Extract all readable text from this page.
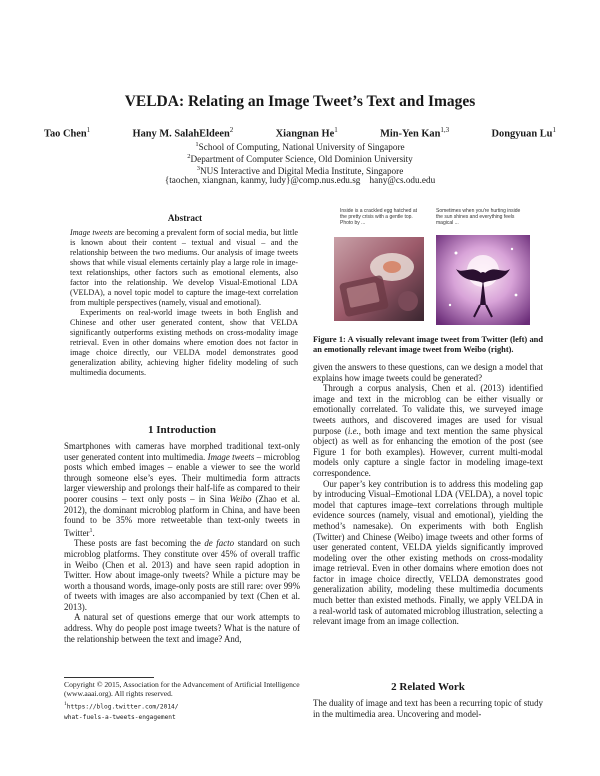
VELDA: Relating an Image Tweet’s Text and Images
Tao Chen$^1$	Hany M. SalahEldeen$^2$	Xiangnan He$^1$	Min-Yen Kan$^{1,3}$	Dongyuan Lu$^1$
$^1$School of Computing, National University of Singapore
$^2$Department of Computer Science, Old Dominion University
$^3$NUS Interactive and Digital Media Institute, Singapore
{taochen, xiangnan, kanmy, ludy}@comp.nus.edu.sg    hany@cs.odu.edu
Abstract

Image tweets are becoming a prevalent form of social media, but little is known about their content – textual and visual – and the relationship between the two mediums. Our analysis of image tweets shows that while visual elements certainly play a large role in image-text relationships, other factors such as emotional elements, also factor into the relationship. We develop Visual-Emotional LDA (VELDA), a novel topic model to capture the image-text correlation from multiple perspectives (namely, visual and emotional).

Experiments on real-world image tweets in both English and Chinese and other user generated content, show that VELDA significantly outperforms existing methods on cross-modality image retrieval. Even in other domains where emotion does not factor in image choice directly, our VELDA model demonstrates good generalization ability, achieving higher fidelity modeling of such multimedia documents.

1 Introduction

Smartphones with cameras have morphed traditional text-only user generated content into multimedia. Image tweets – microblog posts which embed images – enable a viewer to see the world through someone else’s eyes. Their multimedia form attracts larger viewership and prolongs their half-life as compared to their poorer cousins – text only posts – in Sina Weibo (Zhao et al. 2012), the dominant microblog platform in China, and have been found to be 35% more retweetable than text-only tweets in Twitter$^1$.

These posts are fast becoming the de facto standard on such microblog platforms. They constitute over 45% of overall traffic in Weibo (Chen et al. 2013) and have seen rapid adoption in Twitter. How about image-only tweets? While a picture may be worth a thousand words, image-only posts are still rare: over 99% of tweets with images are also accompanied by text (Chen et al. 2013).

A natural set of questions emerge that our work attempts to address. Why do people post image tweets? What is the nature of the relationship between the text and image? And,

Copyright © 2015, Association for the Advancement of Artificial Intelligence (www.aaai.org). All rights reserved.
$^1$https://blog.twitter.com/2014/
what-fuels-a-tweets-engagement
Inside is a crackled egg hatched at the pretty crisis with a gentle top. Photo by ...
Sometimes when you're hurting inside the sun shines and everything feels magical ...
Figure 1: A visually relevant image tweet from Twitter (left) and an emotionally relevant image tweet from Weibo (right).

given the answers to these questions, can we design a model that explains how image tweets could be generated?

Through a corpus analysis, Chen et al. (2013) identified image and text in the microblog can be either visually or emotionally correlated. To validate this, we surveyed image tweets authors, and discovered images are used for visual purpose (i.e., both image and text mention the same physical object) as well as for enhancing the emotion of the post (see Figure 1 for both examples). However, current multi-modal models only capture a single factor in modeling image-text correspondence.

Our paper’s key contribution is to address this modeling gap by introducing Visual–Emotional LDA (VELDA), a novel topic model that captures image–text correlations through multiple evidence sources (namely, visual and emotional), yielding the method’s namesake). On experiments with both English (Twitter) and Chinese (Weibo) image tweets and other forms of user generated content, VELDA yields significantly improved modeling over the other existing methods on cross-modality image retrieval. Even in other domains where emotion does not factor in image choice directly, VELDA demonstrates good generalization ability, modeling these multimedia documents much better than existed methods. Finally, we apply VELDA in a real-world task of automated microblog illustration, selecting a relevant image from an image collection.

2 Related Work

The duality of image and text has been a recurring topic of study in the multimedia area. Uncovering and model-
